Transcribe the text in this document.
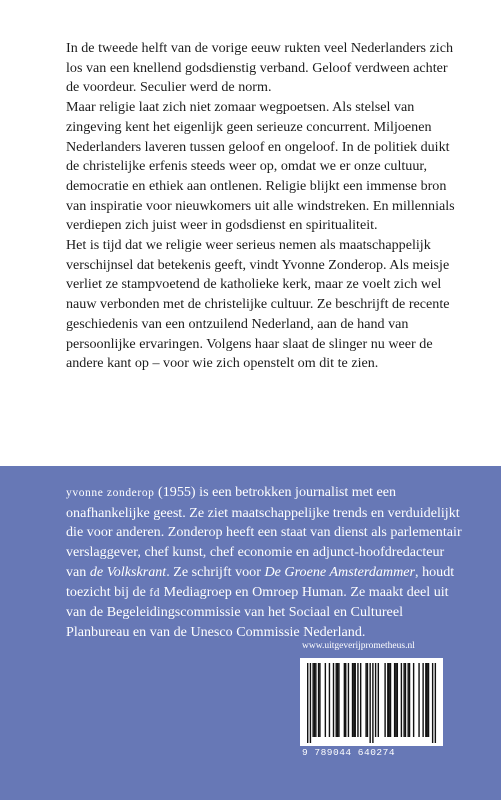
In de tweede helft van de vorige eeuw rukten veel Nederlanders zich los van een knellend godsdienstig verband. Geloof verdween achter de voordeur. Seculier werd de norm.

Maar religie laat zich niet zomaar wegpoetsen. Als stelsel van zingeving kent het eigenlijk geen serieuze concurrent. Miljoenen Nederlanders laveren tussen geloof en ongeloof. In de politiek duikt de christelijke erfenis steeds weer op, omdat we er onze cultuur, democratie en ethiek aan ontlenen. Religie blijkt een immense bron van inspiratie voor nieuwkomers uit alle windstreken. En millennials verdiepen zich juist weer in godsdienst en spiritualiteit.

Het is tijd dat we religie weer serieus nemen als maatschappelijk verschijnsel dat betekenis geeft, vindt Yvonne Zonderop. Als meisje verliet ze stampvoetend de katholieke kerk, maar ze voelt zich wel nauw verbonden met de christelijke cultuur. Ze beschrijft de recente geschiedenis van een ontzuilend Nederland, aan de hand van persoonlijke ervaringen. Volgens haar slaat de slinger nu weer de andere kant op – voor wie zich openstelt om dit te zien.

yvonne zonderop (1955) is een betrokken journalist met een onafhankelijke geest. Ze ziet maatschappelijke trends en verduidelijkt die voor anderen. Zonderop heeft een staat van dienst als parlementair verslaggever, chef kunst, chef economie en adjunct-hoofdredacteur van de Volkskrant. Ze schrijft voor De Groene Amsterdammer, houdt toezicht bij de fd Mediagroep en Omroep Human. Ze maakt deel uit van de Begeleidingscommissie van het Sociaal en Cultureel Planbureau en van de Unesco Commissie Nederland.
www.uitgeverijprometheus.nl
9 789044 640274
